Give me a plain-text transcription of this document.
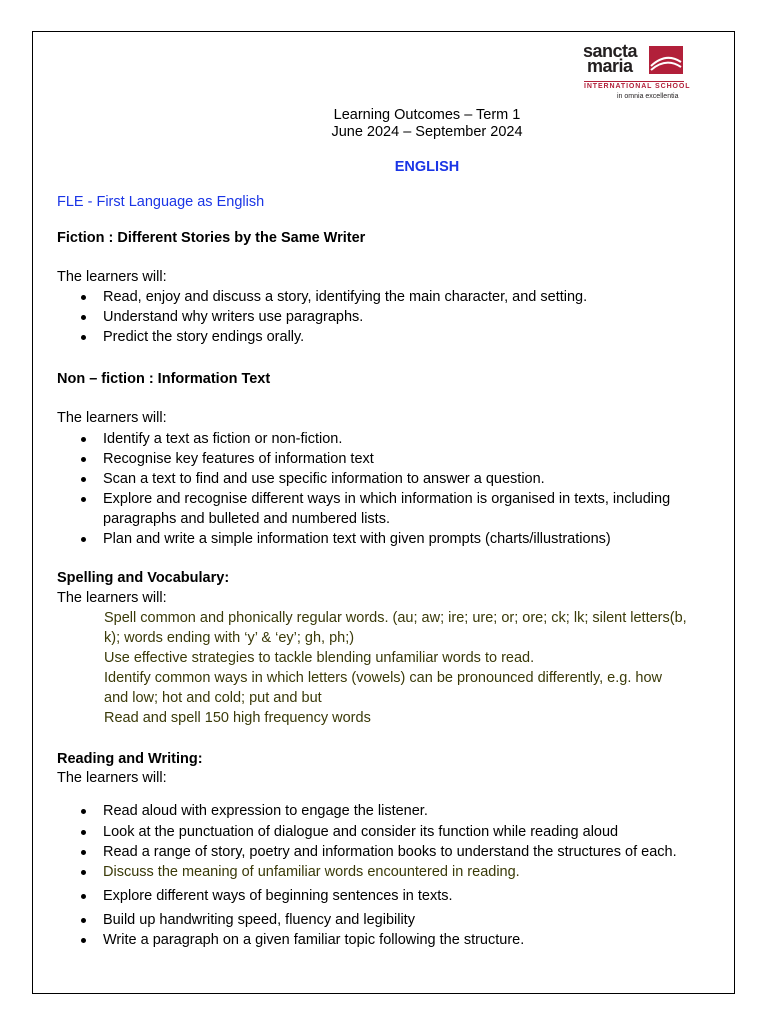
sancta
maria
INTERNATIONAL SCHOOL
in omnia excellentia
Learning Outcomes – Term 1
June 2024 – September 2024
ENGLISH
FLE - First Language as English
Fiction : Different Stories by the Same Writer
The learners will:
Read, enjoy and discuss a story, identifying the main character, and setting.
Understand why writers use paragraphs.
Predict the story endings orally.
Non – fiction : Information Text
The learners will:
Identify a text as fiction or non-fiction.
Recognise key features of information text
Scan a text to find and use specific information to answer a question.
Explore and recognise different ways in which information is organised in texts, including paragraphs and bulleted and numbered lists.
Plan and write a simple information text with given prompts (charts/illustrations)
Spelling and Vocabulary:
The learners will:
Spell common and phonically regular words. (au; aw; ire; ure; or; ore; ck; lk; silent letters(b, k); words ending with ‘y’ & ‘ey’; gh, ph;)
Use effective strategies to tackle blending unfamiliar words to read.
Identify common ways in which letters (vowels) can be pronounced differently, e.g. how and low; hot and cold; put and but
Read and spell 150 high frequency words
Reading and Writing:
The learners will:
Read aloud with expression to engage the listener.
Look at the punctuation of dialogue and consider its function while reading aloud
Read a range of story, poetry and information books to understand the structures of each.
Discuss the meaning of unfamiliar words encountered in reading.
Explore different ways of beginning sentences in texts.
Build up handwriting speed, fluency and legibility
Write a paragraph on a given familiar topic following the structure.
